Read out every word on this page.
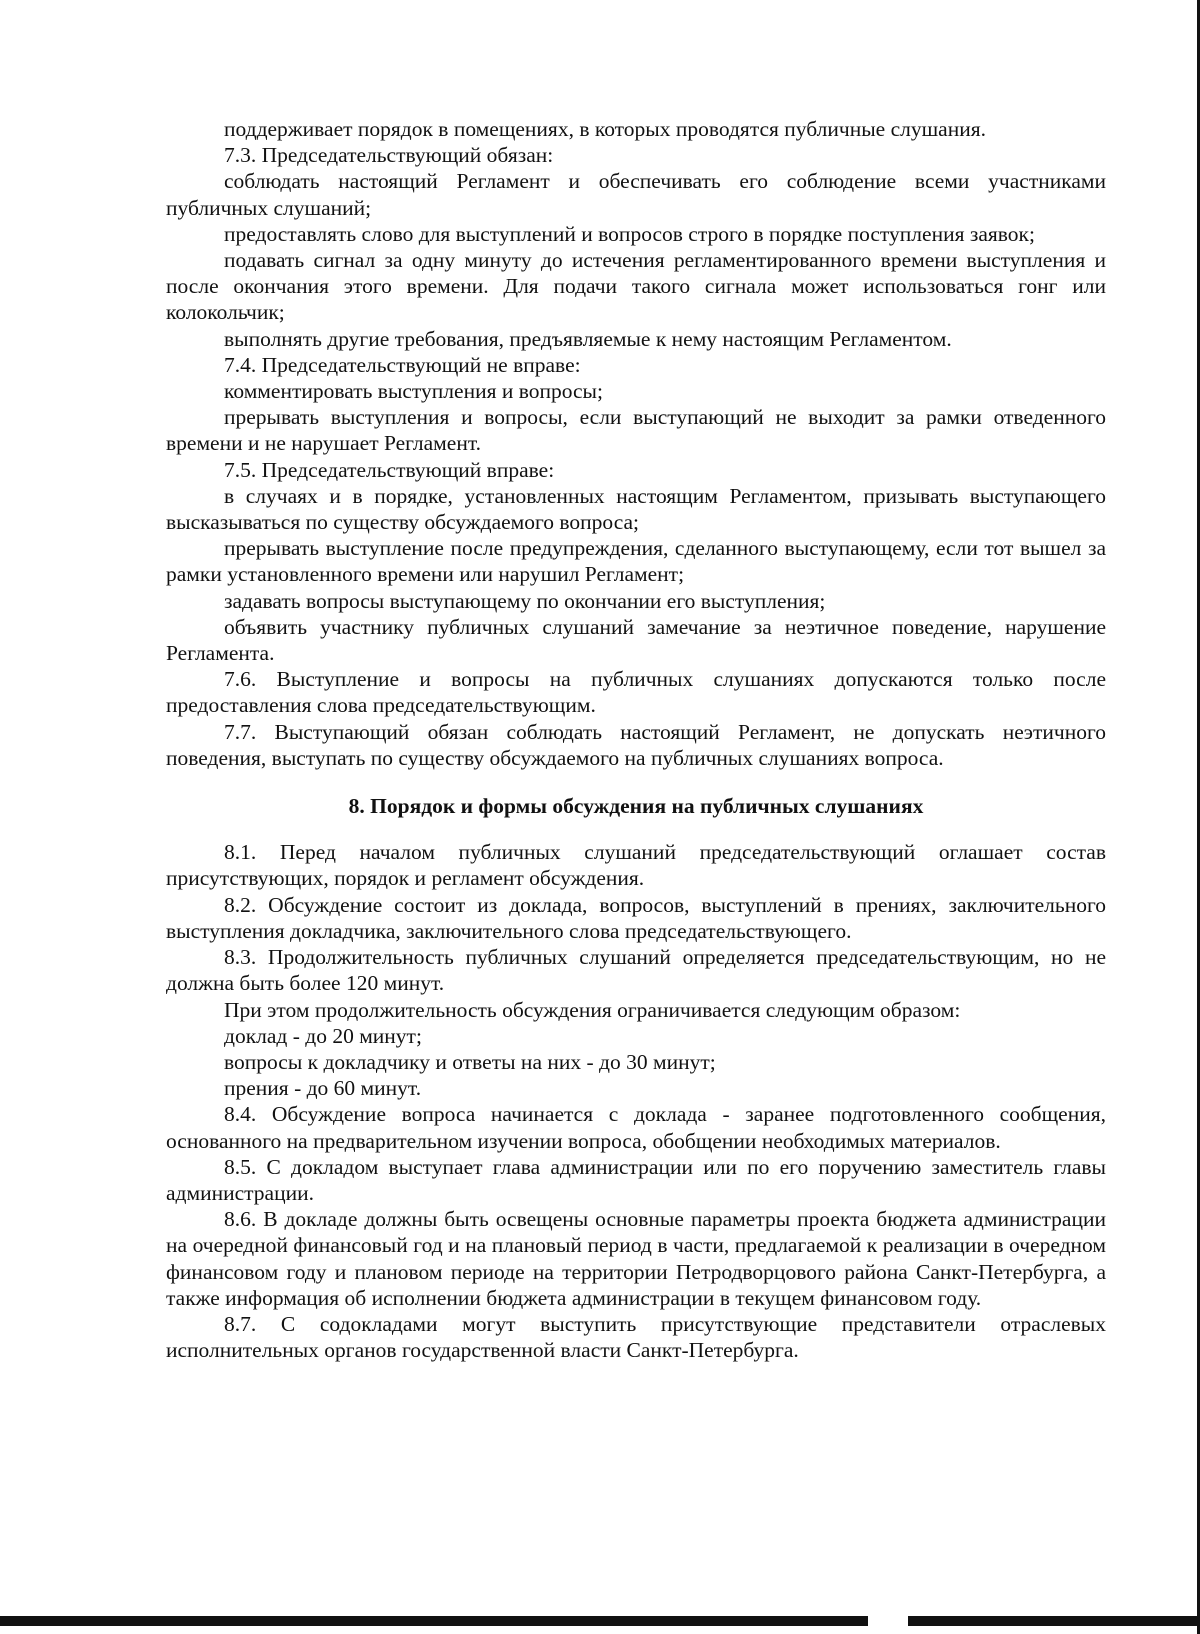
поддерживает порядок в помещениях, в которых проводятся публичные слушания.

7.3. Председательствующий обязан:

соблюдать настоящий Регламент и обеспечивать его соблюдение всеми участниками публичных слушаний;

предоставлять слово для выступлений и вопросов строго в порядке поступления заявок;

подавать сигнал за одну минуту до истечения регламентированного времени выступления и после окончания этого времени. Для подачи такого сигнала может использоваться гонг или колокольчик;

выполнять другие требования, предъявляемые к нему настоящим Регламентом.

7.4. Председательствующий не вправе:

комментировать выступления и вопросы;

прерывать выступления и вопросы, если выступающий не выходит за рамки отведенного времени и не нарушает Регламент.

7.5. Председательствующий вправе:

в случаях и в порядке, установленных настоящим Регламентом, призывать выступающего высказываться по существу обсуждаемого вопроса;

прерывать выступление после предупреждения, сделанного выступающему, если тот вышел за рамки установленного времени или нарушил Регламент;

задавать вопросы выступающему по окончании его выступления;

объявить участнику публичных слушаний замечание за неэтичное поведение, нарушение Регламента.

7.6. Выступление и вопросы на публичных слушаниях допускаются только после предоставления слова председательствующим.

7.7. Выступающий обязан соблюдать настоящий Регламент, не допускать неэтичного поведения, выступать по существу обсуждаемого на публичных слушаниях вопроса.

8. Порядок и формы обсуждения на публичных слушаниях

8.1. Перед началом публичных слушаний председательствующий оглашает состав присутствующих, порядок и регламент обсуждения.

8.2. Обсуждение состоит из доклада, вопросов, выступлений в прениях, заключительного выступления докладчика, заключительного слова председательствующего.

8.3. Продолжительность публичных слушаний определяется председательствующим, но не должна быть более 120 минут.

При этом продолжительность обсуждения ограничивается следующим образом:

доклад - до 20 минут;

вопросы к докладчику и ответы на них - до 30 минут;

прения - до 60 минут.

8.4. Обсуждение вопроса начинается с доклада - заранее подготовленного сообщения, основанного на предварительном изучении вопроса, обобщении необходимых материалов.

8.5. С докладом выступает глава администрации или по его поручению заместитель главы администрации.

8.6. В докладе должны быть освещены основные параметры проекта бюджета администрации на очередной финансовый год и на плановый период в части, предлагаемой к реализации в очередном финансовом году и плановом периоде на территории Петродворцового района Санкт-Петербурга, а также информация об исполнении бюджета администрации в текущем финансовом году.

8.7. С содокладами могут выступить присутствующие представители отраслевых исполнительных органов государственной власти Санкт-Петербурга.
